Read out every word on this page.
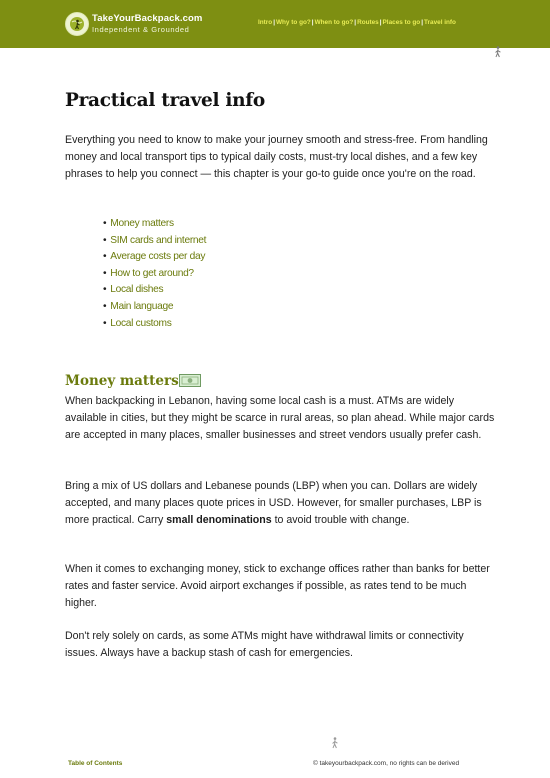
TakeYourBackpack.com
Independent & Grounded
Intro|Why to go?|When to go?|Routes|Places to go|Travel info
Practical travel info

Everything you need to know to make your journey smooth and stress-free. From handling money and local transport tips to typical daily costs, must-try local dishes, and a few key phrases to help you connect — this chapter is your go-to guide once you're on the road.

• Money matters
• SIM cards and internet
• Average costs per day
• How to get around?
• Local dishes
• Main language
• Local customs
Money matters

When backpacking in Lebanon, having some local cash is a must. ATMs are widely available in cities, but they might be scarce in rural areas, so plan ahead. While major cards are accepted in many places, smaller businesses and street vendors usually prefer cash.

Bring a mix of US dollars and Lebanese pounds (LBP) when you can. Dollars are widely accepted, and many places quote prices in USD. However, for smaller purchases, LBP is more practical. Carry small denominations to avoid trouble with change.

When it comes to exchanging money, stick to exchange offices rather than banks for better rates and faster service. Avoid airport exchanges if possible, as rates tend to be much higher.

Don't rely solely on cards, as some ATMs might have withdrawal limits or connectivity issues. Always have a backup stash of cash for emergencies.

Table of Contents	© takeyourbackpack.com, no rights can be derived
